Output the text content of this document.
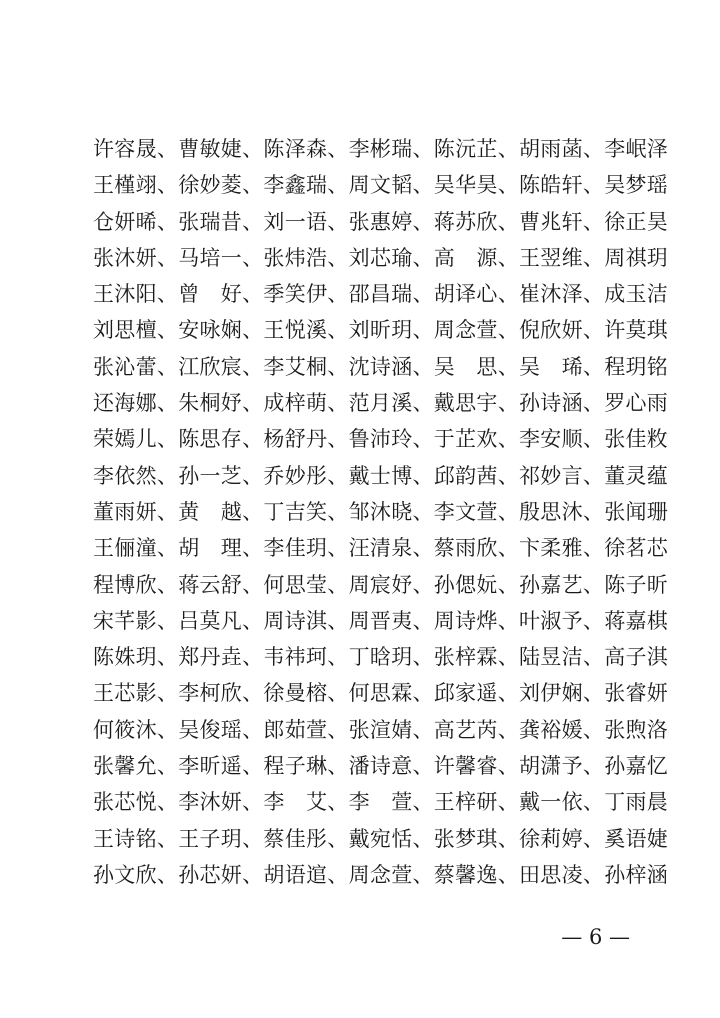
许容晟、曹敏婕、陈泽森、李彬瑞、陈沅芷、胡雨菡、李岷泽
王槿翊、徐妙菱、李鑫瑞、周文韬、吴华昊、陈皓轩、吴梦瑶
仓妍晞、张瑞昔、刘一语、张惠婷、蒋苏欣、曹兆轩、徐正昊
张沐妍、马培一、张炜浩、刘芯瑜、高　源、王翌维、周祺玥
王沐阳、曾　好、季笑伊、邵昌瑞、胡译心、崔沐泽、成玉洁
刘思檀、安咏娴、王悦溪、刘昕玥、周念萱、倪欣妍、许莫琪
张沁蕾、江欣宸、李艾桐、沈诗涵、吴　思、吴　琋、程玥铭
还海娜、朱桐妤、成梓萌、范月溪、戴思宇、孙诗涵、罗心雨
荣嫣儿、陈思存、杨舒丹、鲁沛玲、于芷欢、李安顺、张佳敉
李依然、孙一芝、乔妙彤、戴士博、邱韵茜、祁妙言、董灵蕴
董雨妍、黄　越、丁吉笑、邹沐晓、李文萱、殷思沐、张闻珊
王俪潼、胡　理、李佳玥、汪清泉、蔡雨欣、卞柔雅、徐茗芯
程博欣、蒋云舒、何思莹、周宸妤、孙偲妧、孙嘉艺、陈子昕
宋芊影、吕莫凡、周诗淇、周晋夷、周诗烨、叶淑予、蒋嘉棋
陈姝玥、郑丹垚、韦祎珂、丁晗玥、张梓霖、陆昱洁、高子淇
王芯影、李柯欣、徐曼榕、何思霖、邱家遥、刘伊娴、张睿妍
何筱沐、吴俊瑶、郎茹萱、张渲婧、高艺芮、龚裕媛、张煦洛
张馨允、李昕遥、程子琳、潘诗意、许馨睿、胡潇予、孙嘉忆
张芯悦、李沐妍、李　艾、李　萱、王梓研、戴一依、丁雨晨
王诗铭、王子玥、蔡佳彤、戴宛恬、张梦琪、徐莉婷、奚语婕
孙文欣、孙芯妍、胡语逭、周念萱、蔡馨逸、田思凌、孙梓涵
— 6 —
